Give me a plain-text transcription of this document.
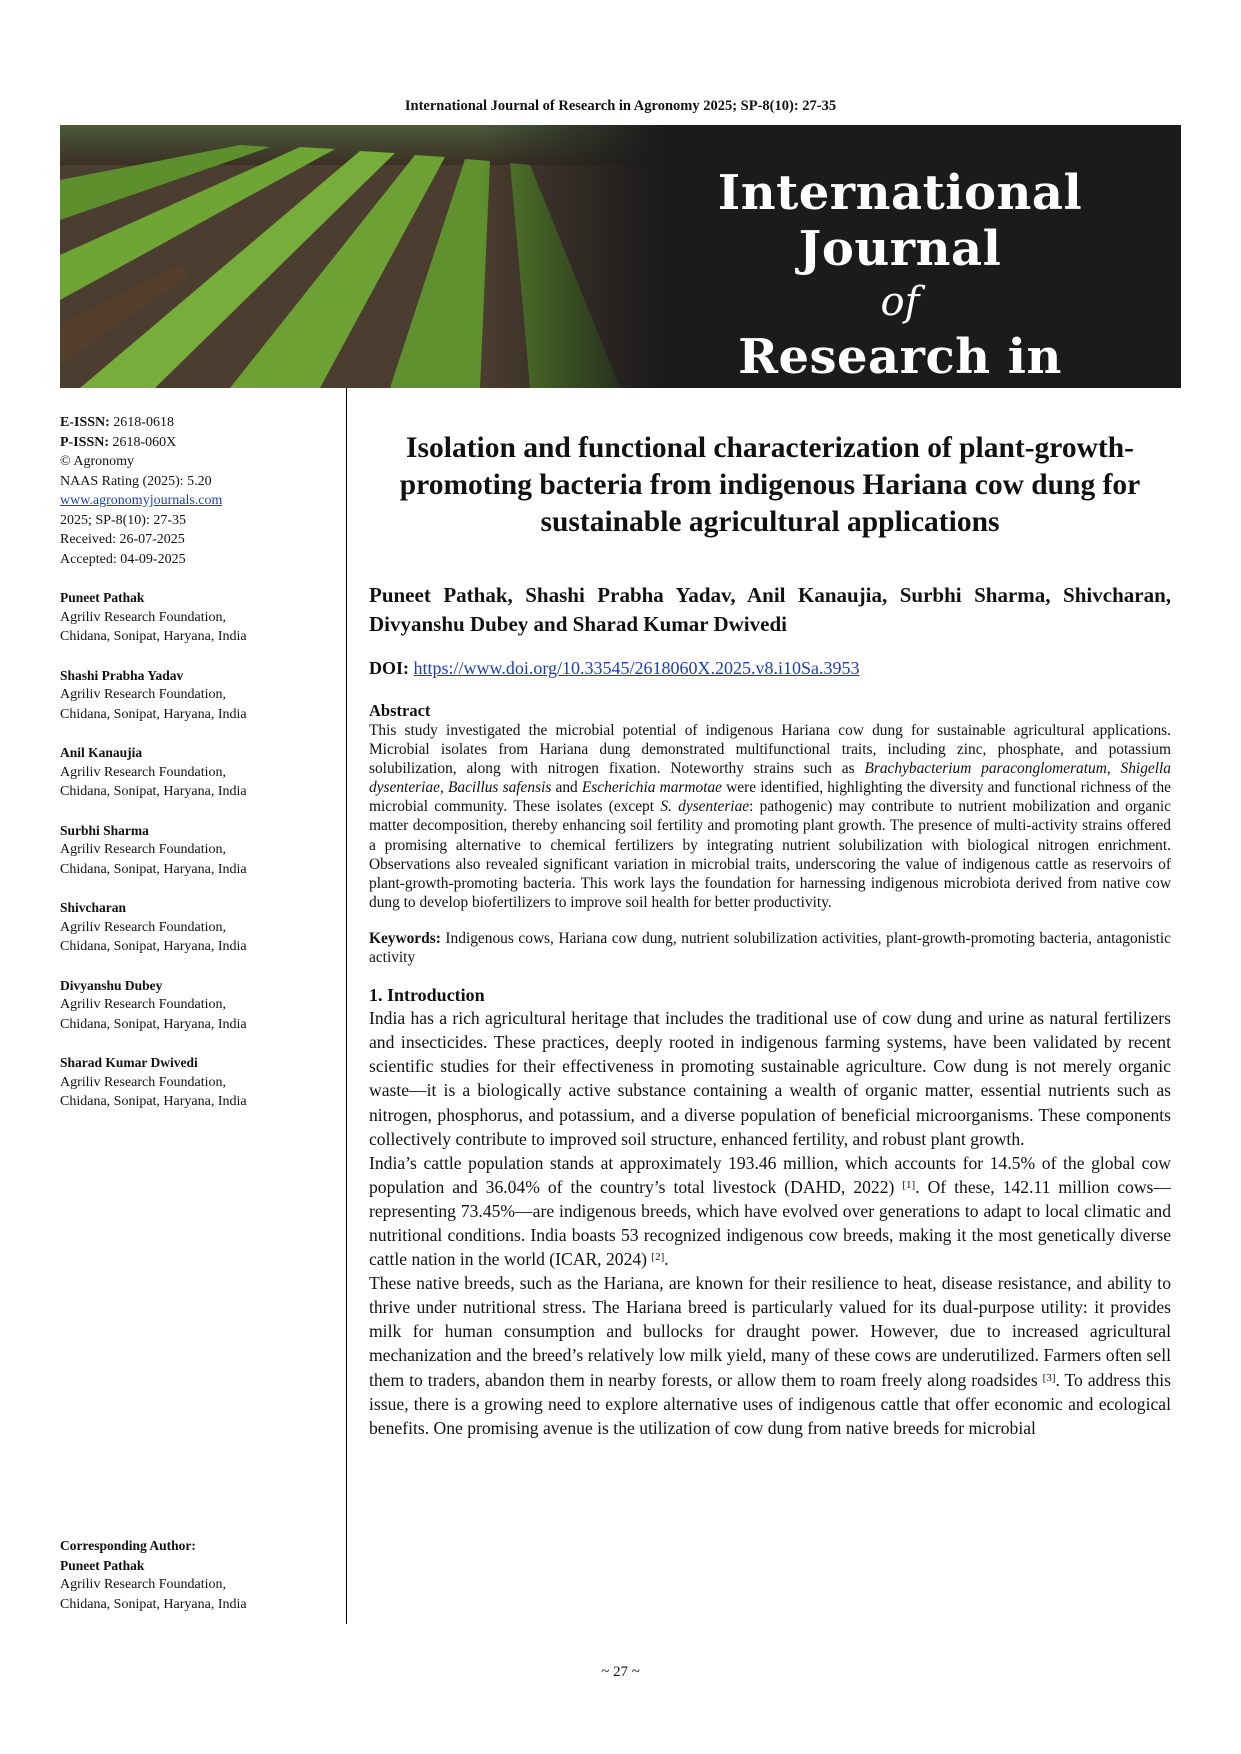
International Journal of Research in Agronomy 2025; SP-8(10): 27-35
International Journal
of
Research in Agronomy
E-ISSN: 2618-0618
P-ISSN: 2618-060X
© Agronomy
NAAS Rating (2025): 5.20
www.agronomyjournals.com
2025; SP-8(10): 27-35
Received: 26-07-2025
Accepted: 04-09-2025
Puneet Pathak
Agriliv Research Foundation,
Chidana, Sonipat, Haryana, India
Shashi Prabha Yadav
Agriliv Research Foundation,
Chidana, Sonipat, Haryana, India
Anil Kanaujia
Agriliv Research Foundation,
Chidana, Sonipat, Haryana, India
Surbhi Sharma
Agriliv Research Foundation,
Chidana, Sonipat, Haryana, India
Shivcharan
Agriliv Research Foundation,
Chidana, Sonipat, Haryana, India
Divyanshu Dubey
Agriliv Research Foundation,
Chidana, Sonipat, Haryana, India
Sharad Kumar Dwivedi
Agriliv Research Foundation,
Chidana, Sonipat, Haryana, India
Corresponding Author:
Puneet Pathak
Agriliv Research Foundation,
Chidana, Sonipat, Haryana, India
Isolation and functional characterization of plant-growth-promoting bacteria from indigenous Hariana cow dung for sustainable agricultural applications
Puneet Pathak, Shashi Prabha Yadav, Anil Kanaujia, Surbhi Sharma, Shivcharan, Divyanshu Dubey and Sharad Kumar Dwivedi
DOI: https://www.doi.org/10.33545/2618060X.2025.v8.i10Sa.3953
Abstract
This study investigated the microbial potential of indigenous Hariana cow dung for sustainable agricultural applications. Microbial isolates from Hariana dung demonstrated multifunctional traits, including zinc, phosphate, and potassium solubilization, along with nitrogen fixation. Noteworthy strains such as Brachybacterium paraconglomeratum, Shigella dysenteriae, Bacillus safensis and Escherichia marmotae were identified, highlighting the diversity and functional richness of the microbial community. These isolates (except S. dysenteriae: pathogenic) may contribute to nutrient mobilization and organic matter decomposition, thereby enhancing soil fertility and promoting plant growth. The presence of multi-activity strains offered a promising alternative to chemical fertilizers by integrating nutrient solubilization with biological nitrogen enrichment. Observations also revealed significant variation in microbial traits, underscoring the value of indigenous cattle as reservoirs of plant-growth-promoting bacteria. This work lays the foundation for harnessing indigenous microbiota derived from native cow dung to develop biofertilizers to improve soil health for better productivity.
Keywords: Indigenous cows, Hariana cow dung, nutrient solubilization activities, plant-growth-promoting bacteria, antagonistic activity
1. Introduction

India has a rich agricultural heritage that includes the traditional use of cow dung and urine as natural fertilizers and insecticides. These practices, deeply rooted in indigenous farming systems, have been validated by recent scientific studies for their effectiveness in promoting sustainable agriculture. Cow dung is not merely organic waste—it is a biologically active substance containing a wealth of organic matter, essential nutrients such as nitrogen, phosphorus, and potassium, and a diverse population of beneficial microorganisms. These components collectively contribute to improved soil structure, enhanced fertility, and robust plant growth.

India’s cattle population stands at approximately 193.46 million, which accounts for 14.5% of the global cow population and 36.04% of the country’s total livestock (DAHD, 2022) [1]. Of these, 142.11 million cows—representing 73.45%—are indigenous breeds, which have evolved over generations to adapt to local climatic and nutritional conditions. India boasts 53 recognized indigenous cow breeds, making it the most genetically diverse cattle nation in the world (ICAR, 2024) [2].

These native breeds, such as the Hariana, are known for their resilience to heat, disease resistance, and ability to thrive under nutritional stress. The Hariana breed is particularly valued for its dual-purpose utility: it provides milk for human consumption and bullocks for draught power. However, due to increased agricultural mechanization and the breed’s relatively low milk yield, many of these cows are underutilized. Farmers often sell them to traders, abandon them in nearby forests, or allow them to roam freely along roadsides [3]. To address this issue, there is a growing need to explore alternative uses of indigenous cattle that offer economic and ecological benefits. One promising avenue is the utilization of cow dung from native breeds for microbial

~ 27 ~
